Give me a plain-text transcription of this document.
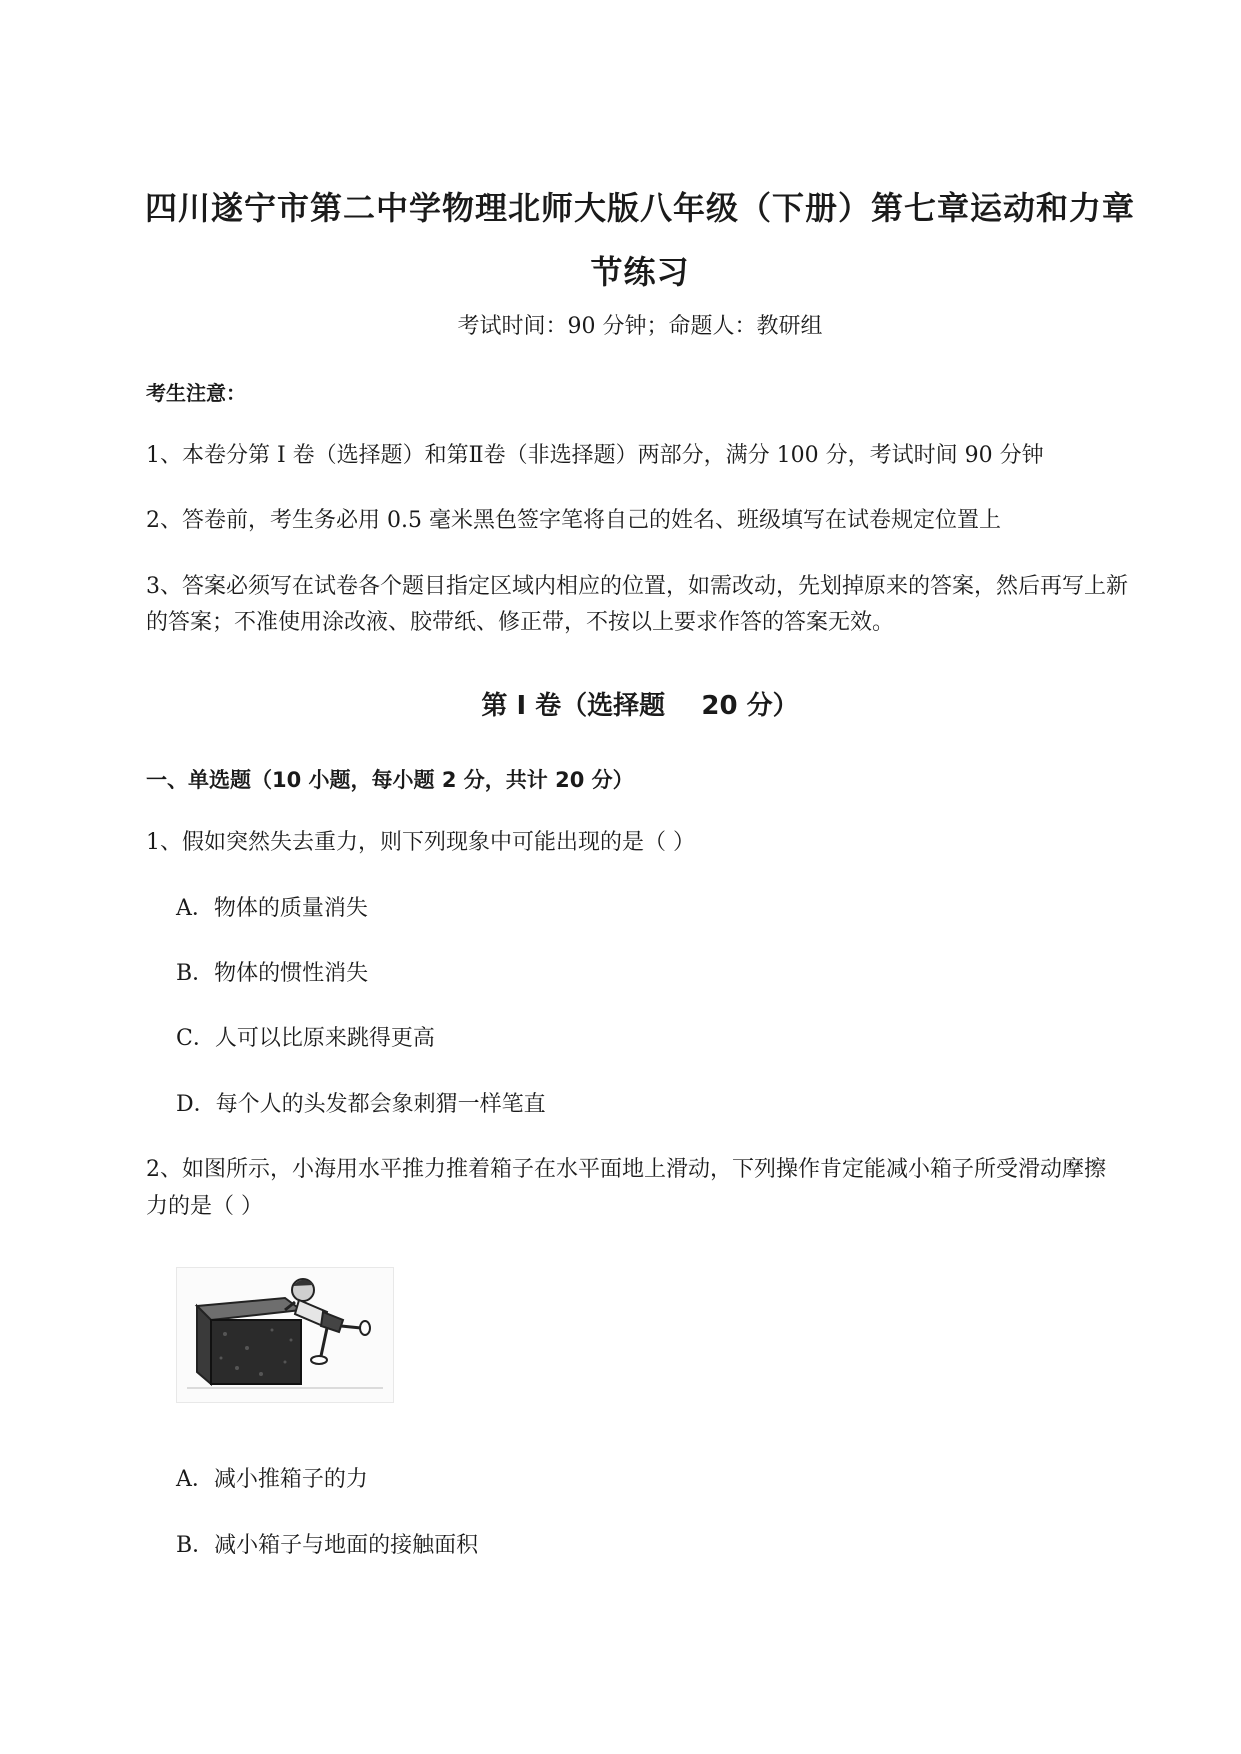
四川遂宁市第二中学物理北师大版八年级（下册）第七章运动和力章
节练习
考试时间：90 分钟；命题人：教研组
考生注意：
1、本卷分第 I 卷（选择题）和第Ⅱ卷（非选择题）两部分，满分 100 分，考试时间 90 分钟
2、答卷前，考生务必用 0.5 毫米黑色签字笔将自己的姓名、班级填写在试卷规定位置上
3、答案必须写在试卷各个题目指定区域内相应的位置，如需改动，先划掉原来的答案，然后再写上新
的答案；不准使用涂改液、胶带纸、修正带，不按以上要求作答的答案无效。
第 I 卷（选择题    20 分）
一、单选题（10 小题，每小题 2 分，共计 20 分）
1、假如突然失去重力，则下列现象中可能出现的是（ ）
A．物体的质量消失
B．物体的惯性消失
C．人可以比原来跳得更高
D．每个人的头发都会象刺猬一样笔直
2、如图所示，小海用水平推力推着箱子在水平面地上滑动，下列操作肯定能减小箱子所受滑动摩擦
力的是（ ）
A．减小推箱子的力
B．减小箱子与地面的接触面积
